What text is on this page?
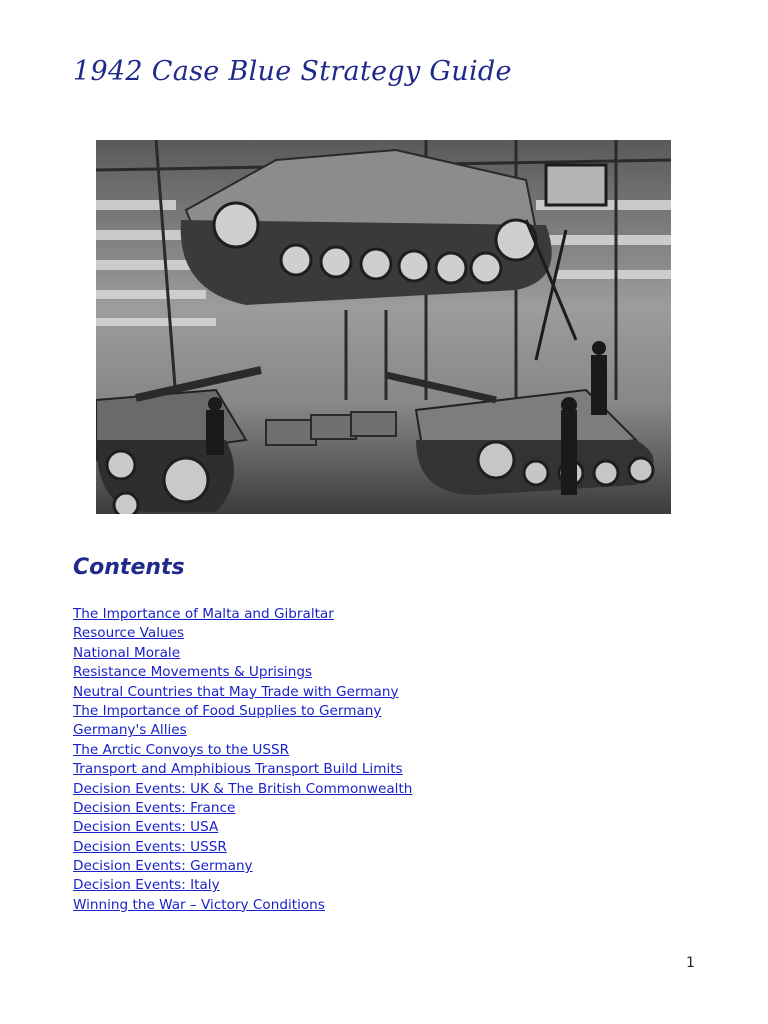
1942 Case Blue Strategy Guide
Contents
The Importance of Malta and Gibraltar
Resource Values
National Morale
Resistance Movements & Uprisings
Neutral Countries that May Trade with Germany
The Importance of Food Supplies to Germany
Germany's Allies
The Arctic Convoys to the USSR
Transport and Amphibious Transport Build Limits
Decision Events: UK & The British Commonwealth
Decision Events: France
Decision Events: USA
Decision Events: USSR
Decision Events: Germany
Decision Events: Italy
Winning the War – Victory Conditions
1
